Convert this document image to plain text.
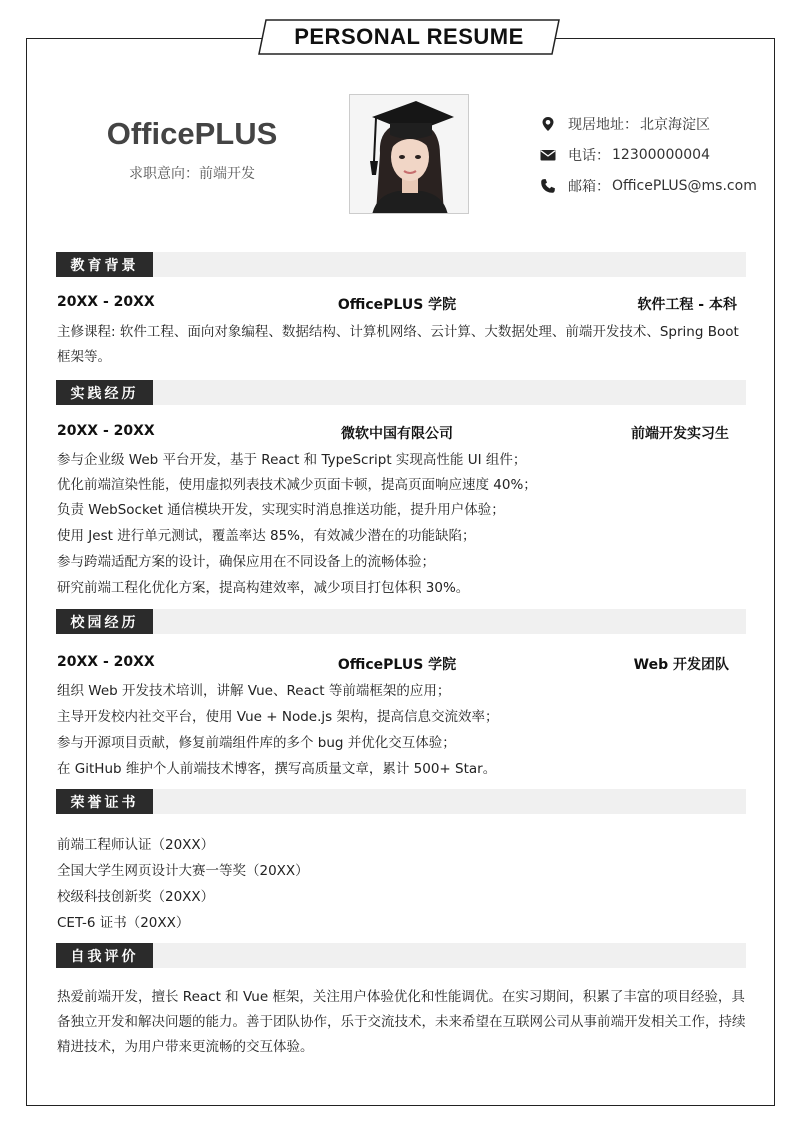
PERSONAL RESUME
OfficePLUS
求职意向：前端开发
现居地址： 北京海淀区
电话： 12300000004
邮箱： OfficePLUS@ms.com
教育背景
20XX - 20XX	OfficePLUS 学院	软件工程 - 本科
主修课程: 软件工程、面向对象编程、数据结构、计算机网络、云计算、大数据处理、前端开发技术、Spring Boot
框架等。
实践经历
20XX - 20XX	微软中国有限公司	前端开发实习生
参与企业级 Web 平台开发，基于 React 和 TypeScript 实现高性能 UI 组件；
优化前端渲染性能，使用虚拟列表技术减少页面卡顿，提高页面响应速度 40%；
负责 WebSocket 通信模块开发，实现实时消息推送功能，提升用户体验；
使用 Jest 进行单元测试，覆盖率达 85%，有效减少潜在的功能缺陷；
参与跨端适配方案的设计，确保应用在不同设备上的流畅体验；
研究前端工程化优化方案，提高构建效率，减少项目打包体积 30%。
校园经历
20XX - 20XX	OfficePLUS 学院	Web 开发团队
组织 Web 开发技术培训，讲解 Vue、React 等前端框架的应用；
主导开发校内社交平台，使用 Vue + Node.js 架构，提高信息交流效率；
参与开源项目贡献，修复前端组件库的多个 bug 并优化交互体验；
在 GitHub 维护个人前端技术博客，撰写高质量文章，累计 500+ Star。
荣誉证书
前端工程师认证（20XX）
全国大学生网页设计大赛一等奖（20XX）
校级科技创新奖（20XX）
CET-6 证书（20XX）
自我评价
热爱前端开发，擅长 React 和 Vue 框架，关注用户体验优化和性能调优。在实习期间，积累了丰富的项目经验，具备独立开发和解决问题的能力。善于团队协作，乐于交流技术，未来希望在互联网公司从事前端开发相关工作，持续精进技术，为用户带来更流畅的交互体验。
